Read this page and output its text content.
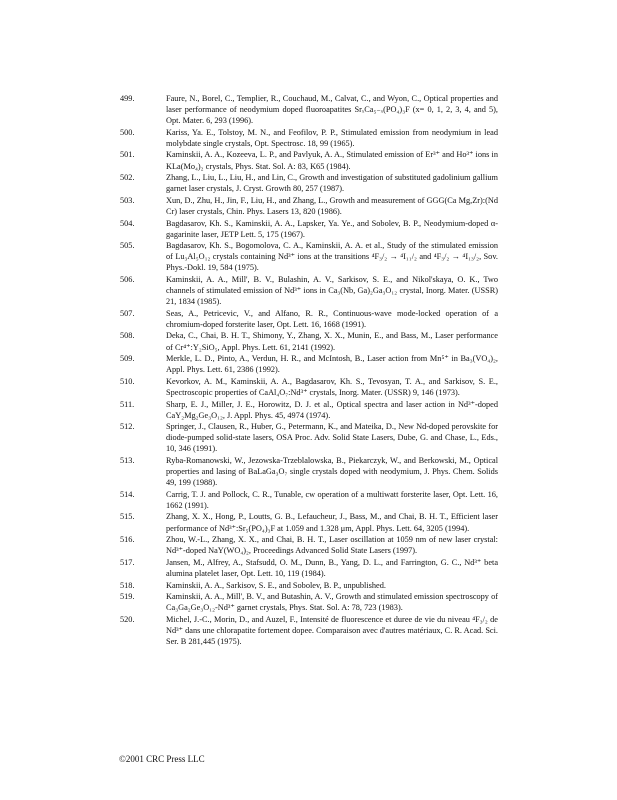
499.	Faure, N., Borel, C., Templier, R., Couchaud, M., Calvat, C., and Wyon, C., Optical properties and laser performance of neodymium doped fluoroapatites SrₓCa₅₋ₓ(PO₄)₃F (x= 0, 1, 2, 3, 4, and 5), Opt. Mater. 6, 293 (1996).
500.	Kariss, Ya. E., Tolstoy, M. N., and Feofilov, P. P., Stimulated emission from neodymium in lead molybdate single crystals, Opt. Spectrosc. 18, 99 (1965).
501.	Kaminskii, A. A., Kozeeva, L. P., and Pavlyuk, A. A., Stimulated emission of Er³⁺ and Ho³⁺ ions in KLa(Mo₄)₂ crystals, Phys. Stat. Sol. A: 83, K65 (1984).
502.	Zhang, L., Liu, L., Liu, H., and Lin, C., Growth and investigation of substituted gadolinium gallium garnet laser crystals, J. Cryst. Growth 80, 257 (1987).
503.	Xun, D., Zhu, H., Jin, F., Liu, H., and Zhang, L., Growth and measurement of GGG(Ca Mg,Zr):(Nd Cr) laser crystals, Chin. Phys. Lasers 13, 820 (1986).
504.	Bagdasarov, Kh. S., Kaminskii, A. A., Lapsker, Ya. Ye., and Sobolev, B. P., Neodymium-doped α-gagarinite laser, JETP Lett. 5, 175 (1967).
505.	Bagdasarov, Kh. S., Bogomolova, C. A., Kaminskii, A. A. et al., Study of the stimulated emission of Lu₃Al₅O₁₂ crystals containing Nd³⁺ ions at the transitions ⁴F₃/₂ → ⁴I₁₁/₂ and ⁴F₃/₂ → ⁴I₁₃/₂, Sov. Phys.-Dokl. 19, 584 (1975).
506.	Kaminskii, A. A., Mill', B. V., Bulashin, A. V., Sarkisov, S. E., and Nikol'skaya, O. K., Two channels of stimulated emission of Nd³⁺ ions in Ca₃(Nb, Ga)₂Ga₃O₁₂ crystal, Inorg. Mater. (USSR) 21, 1834 (1985).
507.	Seas, A., Petricevic, V., and Alfano, R. R., Continuous-wave mode-locked operation of a chromium-doped forsterite laser, Opt. Lett. 16, 1668 (1991).
508.	Deka, C., Chai, B. H. T., Shimony, Y., Zhang, X. X., Munin, E., and Bass, M., Laser performance of Cr⁴⁺:Y₂SiO₅, Appl. Phys. Lett. 61, 2141 (1992).
509.	Merkle, L. D., Pinto, A., Verdun, H. R., and McIntosh, B., Laser action from Mn⁵⁺ in Ba₃(VO₄)₂, Appl. Phys. Lett. 61, 2386 (1992).
510.	Kevorkov, A. M., Kaminskii, A. A., Bagdasarov, Kh. S., Tevosyan, T. A., and Sarkisov, S. E., Spectroscopic properties of CaAl₄O₇:Nd³⁺ crystals, Inorg. Mater. (USSR) 9, 146 (1973).
511.	Sharp, E. J., Miller, J. E., Horowitz, D. J. et al., Optical spectra and laser action in Nd³⁺-doped CaY₂Mg₂Ge₃O₁₂, J. Appl. Phys. 45, 4974 (1974).
512.	Springer, J., Clausen, R., Huber, G., Petermann, K., and Mateika, D., New Nd-doped perovskite for diode-pumped solid-state lasers, OSA Proc. Adv. Solid State Lasers, Dube, G. and Chase, L., Eds., 10, 346 (1991).
513.	Ryba-Romanowski, W., Jezowska-Trzeblalowska, B., Piekarczyk, W., and Berkowski, M., Optical properties and lasing of BaLaGa₃O₇ single crystals doped with neodymium, J. Phys. Chem. Solids 49, 199 (1988).
514.	Carrig, T. J. and Pollock, C. R., Tunable, cw operation of a multiwatt forsterite laser, Opt. Lett. 16, 1662 (1991).
515.	Zhang, X. X., Hong, P., Loutts, G. B., Lefaucheur, J., Bass, M., and Chai, B. H. T., Efficient laser performance of Nd³⁺:Sr₅(PO₄)₃F at 1.059 and 1.328 μm, Appl. Phys. Lett. 64, 3205 (1994).
516.	Zhou, W.-L., Zhang, X. X., and Chai, B. H. T., Laser oscillation at 1059 nm of new laser crystal: Nd³⁺-doped NaY(WO₄)₂, Proceedings Advanced Solid State Lasers (1997).
517.	Jansen, M., Alfrey, A., Stafsudd, O. M., Dunn, B., Yang, D. L., and Farrington, G. C., Nd³⁺ beta alumina platelet laser, Opt. Lett. 10, 119 (1984).
518.	Kaminskii, A. A., Sarkisov, S. E., and Sobolev, B. P., unpublished.
519.	Kaminskii, A. A., Mill', B. V., and Butashin, A. V., Growth and stimulated emission spectroscopy of Ca₃Ga₂Ge₃O₁₂-Nd³⁺ garnet crystals, Phys. Stat. Sol. A: 78, 723 (1983).
520.	Michel, J.-C., Morin, D., and Auzel, F., Intensité de fluorescence et duree de vie du niveau ⁴F₃/₂ de Nd³⁺ dans une chlorapatite fortement dopee. Comparaison avec d'autres matériaux, C. R. Acad. Sci. Ser. B 281,445 (1975).
©2001 CRC Press LLC
